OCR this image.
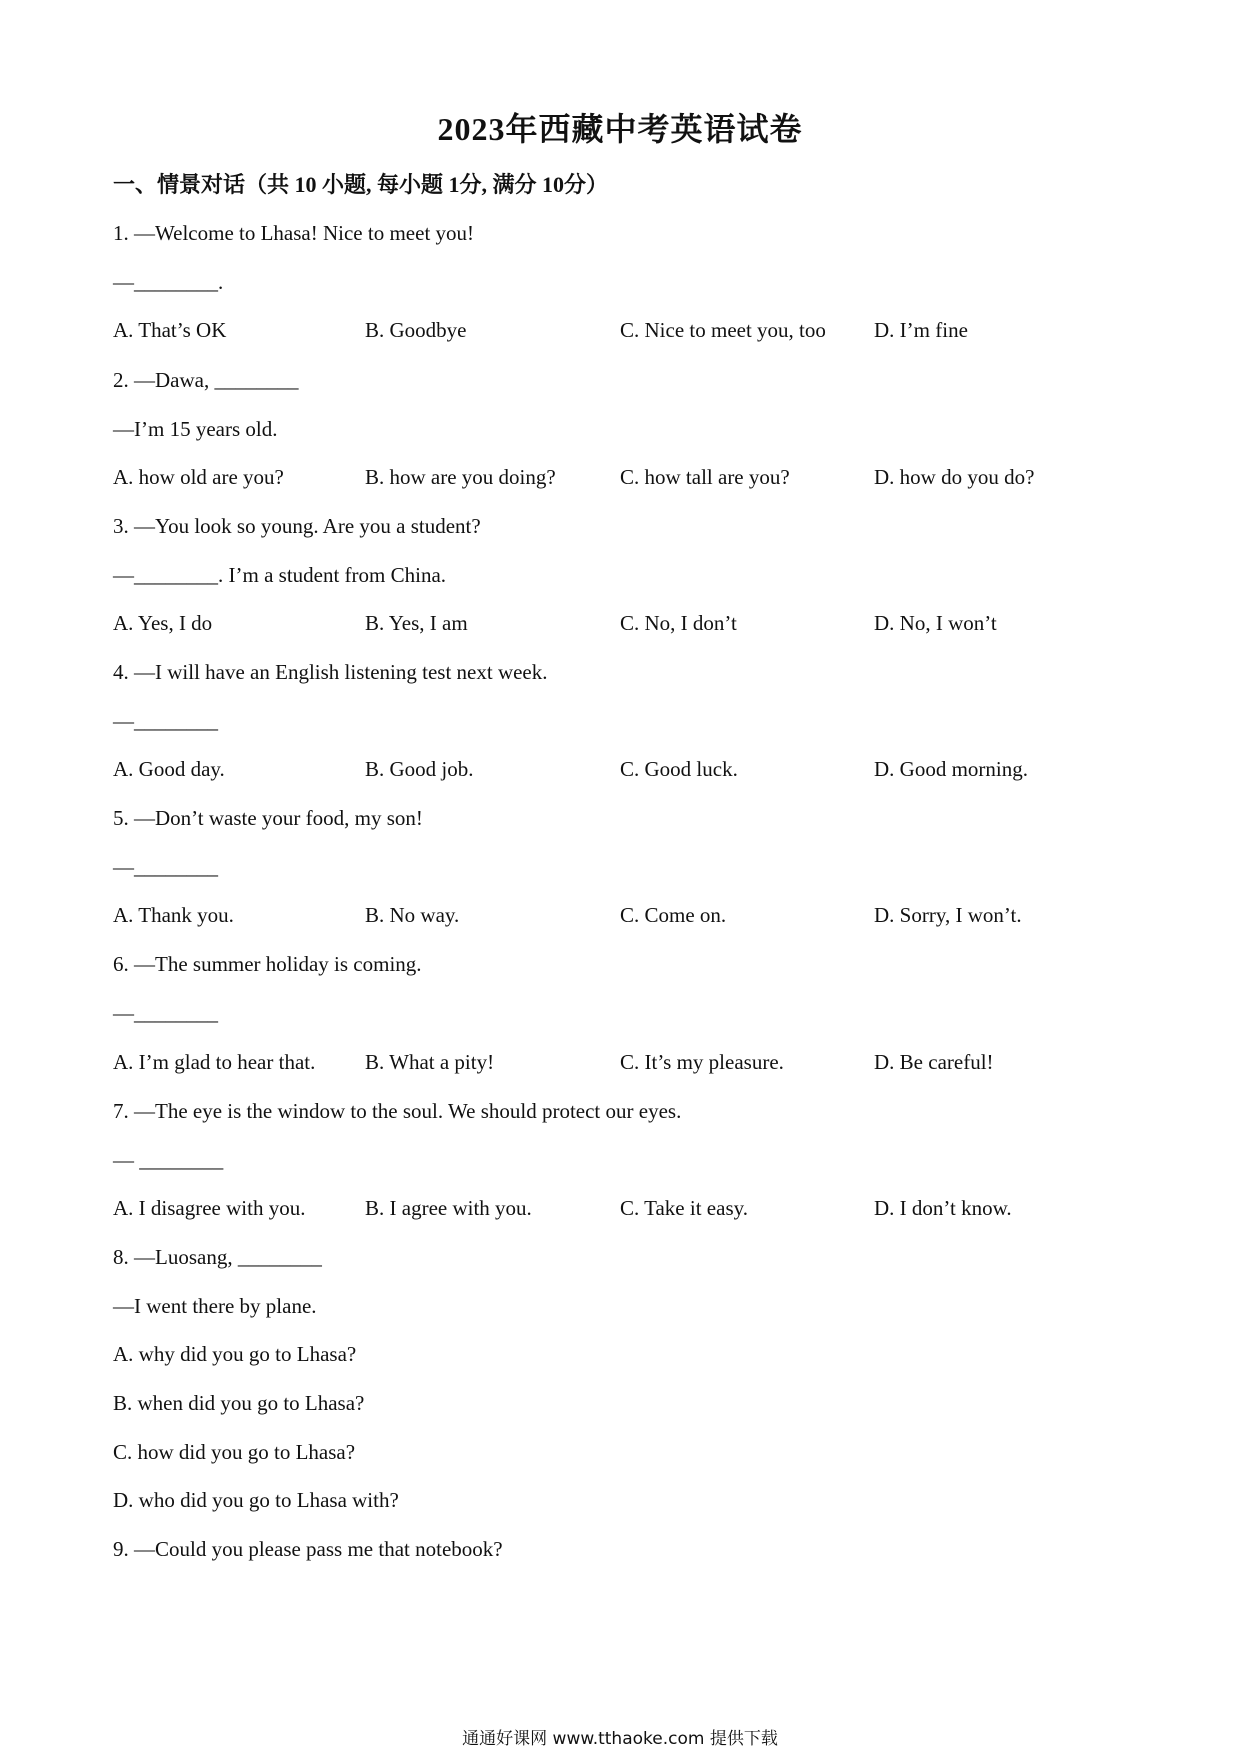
2023年西藏中考英语试卷
一、情景对话（共 10 小题, 每小题 1分, 满分 10分）
1. —Welcome to Lhasa! Nice to meet you!
—________.
A. That’s OK	B. Goodbye	C. Nice to meet you, too D. I’m fine
2. —Dawa, ________
—I’m 15 years old.
A. how old are you?	B. how are you doing?	C. how tall are you?	D. how do you do?
3. —You look so young. Are you a student?
—________. I’m a student from China.
A. Yes, I do	B. Yes, I am	C. No, I don’t	D. No, I won’t
4. —I will have an English listening test next week.
—________
A. Good day.	B. Good job.	C. Good luck.	D. Good morning.
5. —Don’t waste your food, my son!
—________
A. Thank you.	B. No way.	C. Come on.	D. Sorry, I won’t.
6. —The summer holiday is coming.
—________
A. I’m glad to hear that. B. What a pity!	C. It’s my pleasure.	D. Be careful!
7. —The eye is the window to the soul. We should protect our eyes.
— ________
A. I disagree with you.	B. I agree with you.	C. Take it easy.	D. I don’t know.
8. —Luosang, ________
—I went there by plane.
A. why did you go to Lhasa?
B. when did you go to Lhasa?
C. how did you go to Lhasa?
D. who did you go to Lhasa with?
9. —Could you please pass me that notebook?
通通好课网 www.tthaoke.com 提供下载
